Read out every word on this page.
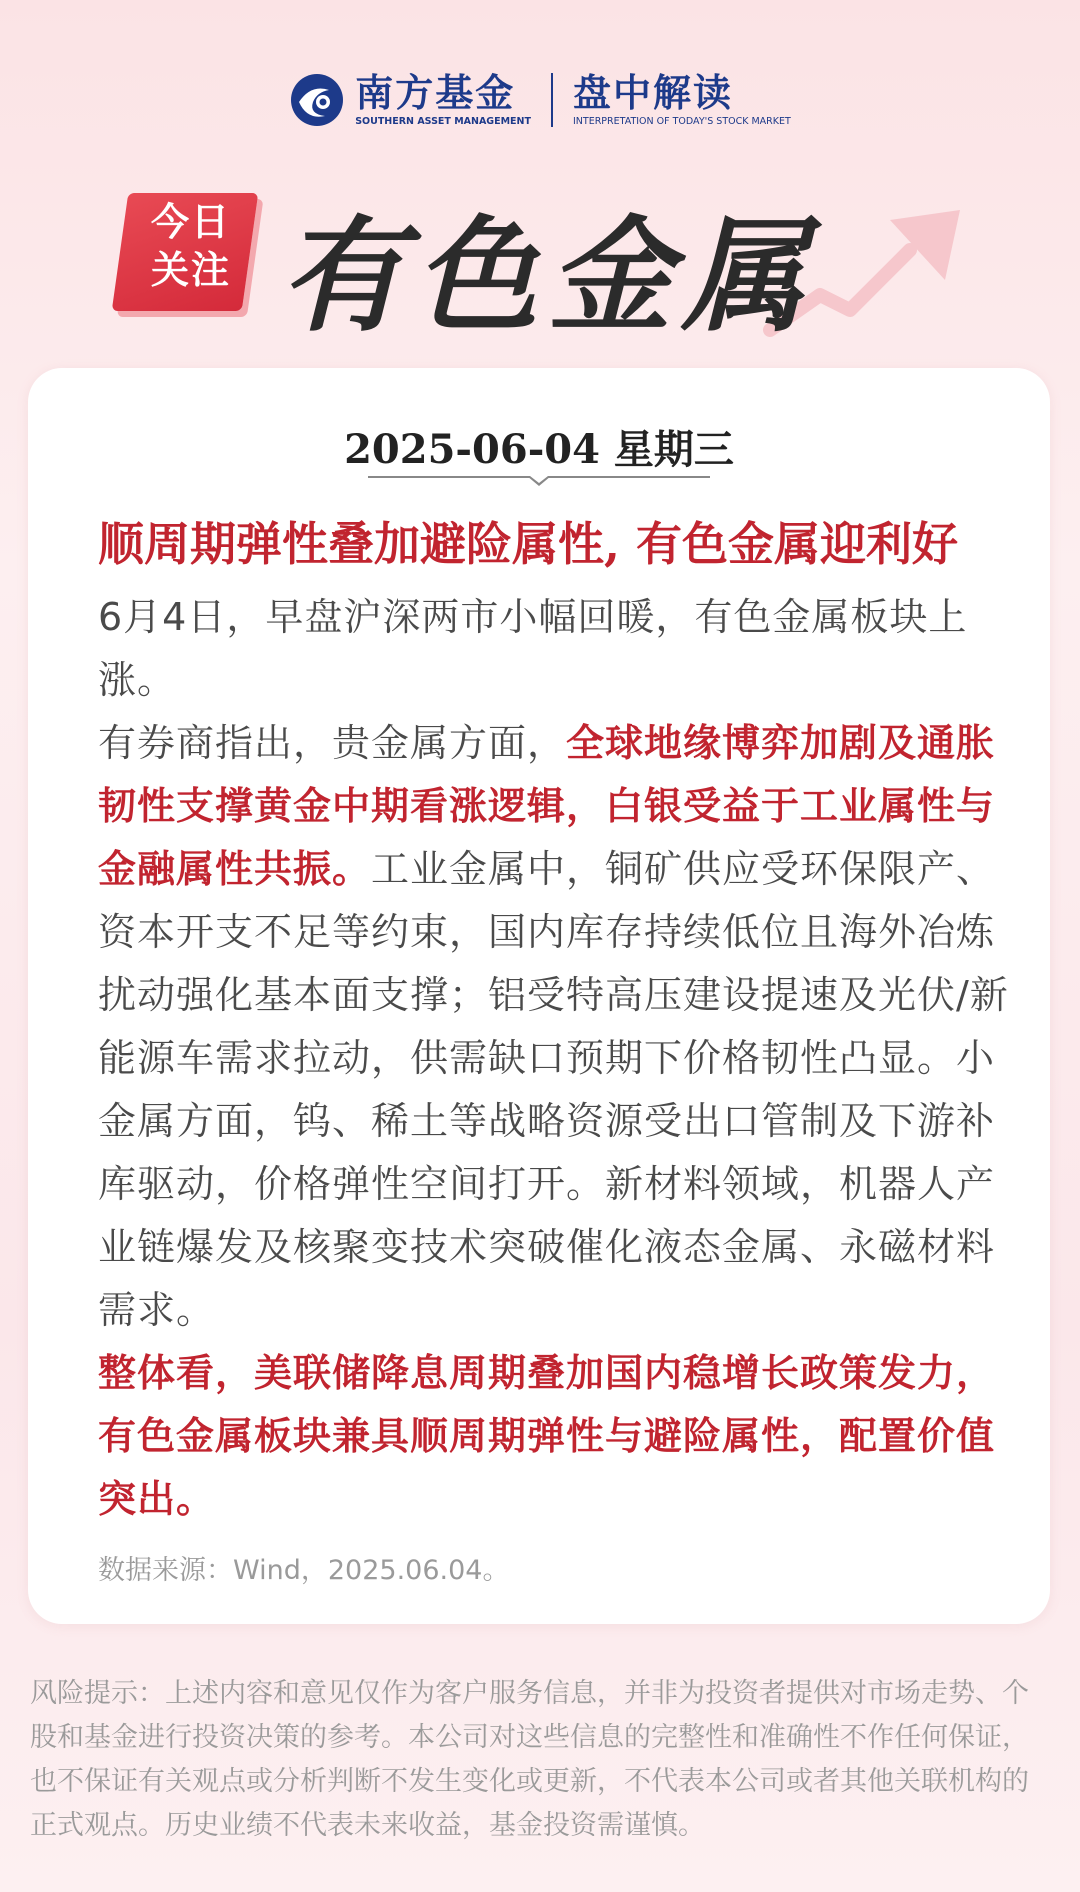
南方基金
SOUTHERN ASSET MANAGEMENT
盘中解读
INTERPRETATION OF TODAY'S STOCK MARKET
今日
关注 有色金属
2025-06-04 星期三
顺周期弹性叠加避险属性, 有色金属迎利好

6月4日，早盘沪深两市小幅回暖，有色金属板块上涨。

有券商指出，贵金属方面，全球地缘博弈加剧及通胀韧性支撑黄金中期看涨逻辑，白银受益于工业属性与金融属性共振。工业金属中，铜矿供应受环保限产、资本开支不足等约束，国内库存持续低位且海外冶炼扰动强化基本面支撑；铝受特高压建设提速及光伏/新能源车需求拉动，供需缺口预期下价格韧性凸显。小金属方面，钨、稀土等战略资源受出口管制及下游补库驱动，价格弹性空间打开。新材料领域，机器人产业链爆发及核聚变技术突破催化液态金属、永磁材料需求。

整体看，美联储降息周期叠加国内稳增长政策发力，有色金属板块兼具顺周期弹性与避险属性，配置价值突出。

数据来源：Wind，2025.06.04。
风险提示：上述内容和意见仅作为客户服务信息，并非为投资者提供对市场走势、个股和基金进行投资决策的参考。本公司对这些信息的完整性和准确性不作任何保证，也不保证有关观点或分析判断不发生变化或更新，不代表本公司或者其他关联机构的正式观点。历史业绩不代表未来收益，基金投资需谨慎。
